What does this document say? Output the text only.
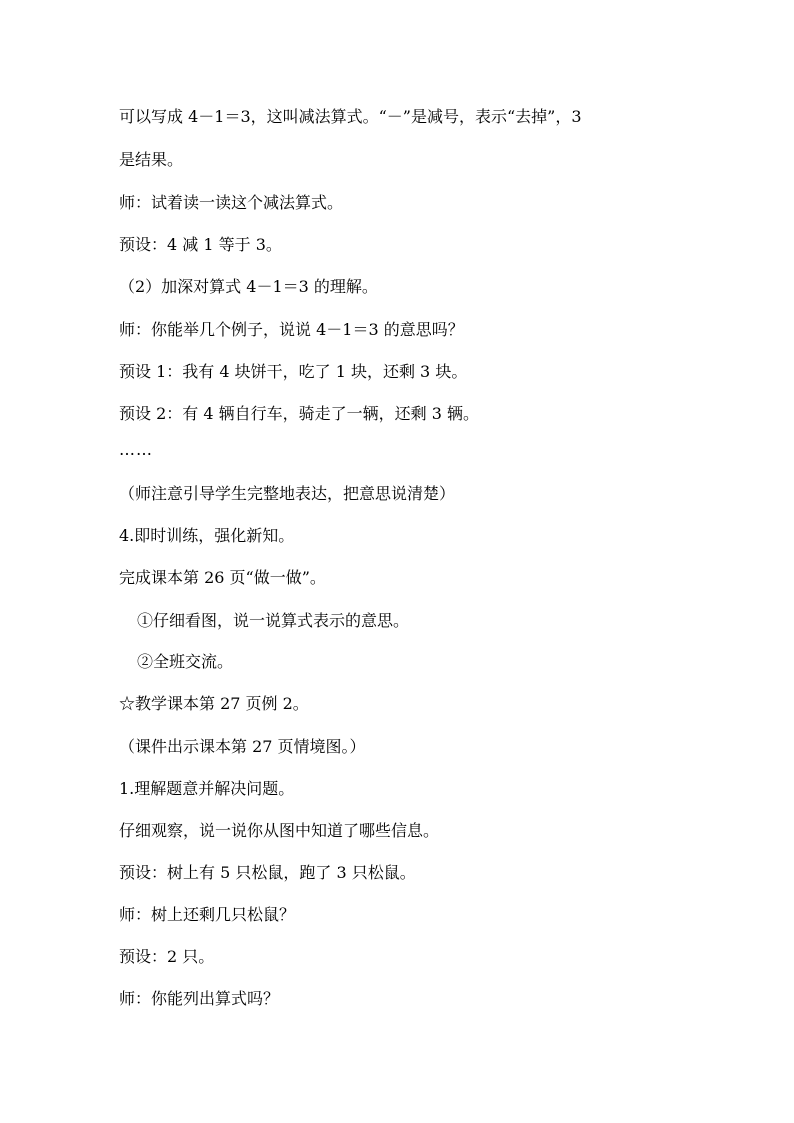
可以写成 4－1＝3，这叫减法算式。“－”是减号，表示“去掉”，3
是结果。
师：试着读一读这个减法算式。
预设：4 减 1 等于 3。
（2）加深对算式 4－1＝3 的理解。
师：你能举几个例子，说说 4－1＝3 的意思吗？
预设 1：我有 4 块饼干，吃了 1 块，还剩 3 块。
预设 2：有 4 辆自行车，骑走了一辆，还剩 3 辆。
……
（师注意引导学生完整地表达，把意思说清楚）
4.即时训练，强化新知。
完成课本第 26 页“做一做”。
①仔细看图，说一说算式表示的意思。
②全班交流。
☆教学课本第 27 页例 2。
（课件出示课本第 27 页情境图。）
1.理解题意并解决问题。
仔细观察，说一说你从图中知道了哪些信息。
预设：树上有 5 只松鼠，跑了 3 只松鼠。
师：树上还剩几只松鼠？
预设：2 只。
师：你能列出算式吗？
